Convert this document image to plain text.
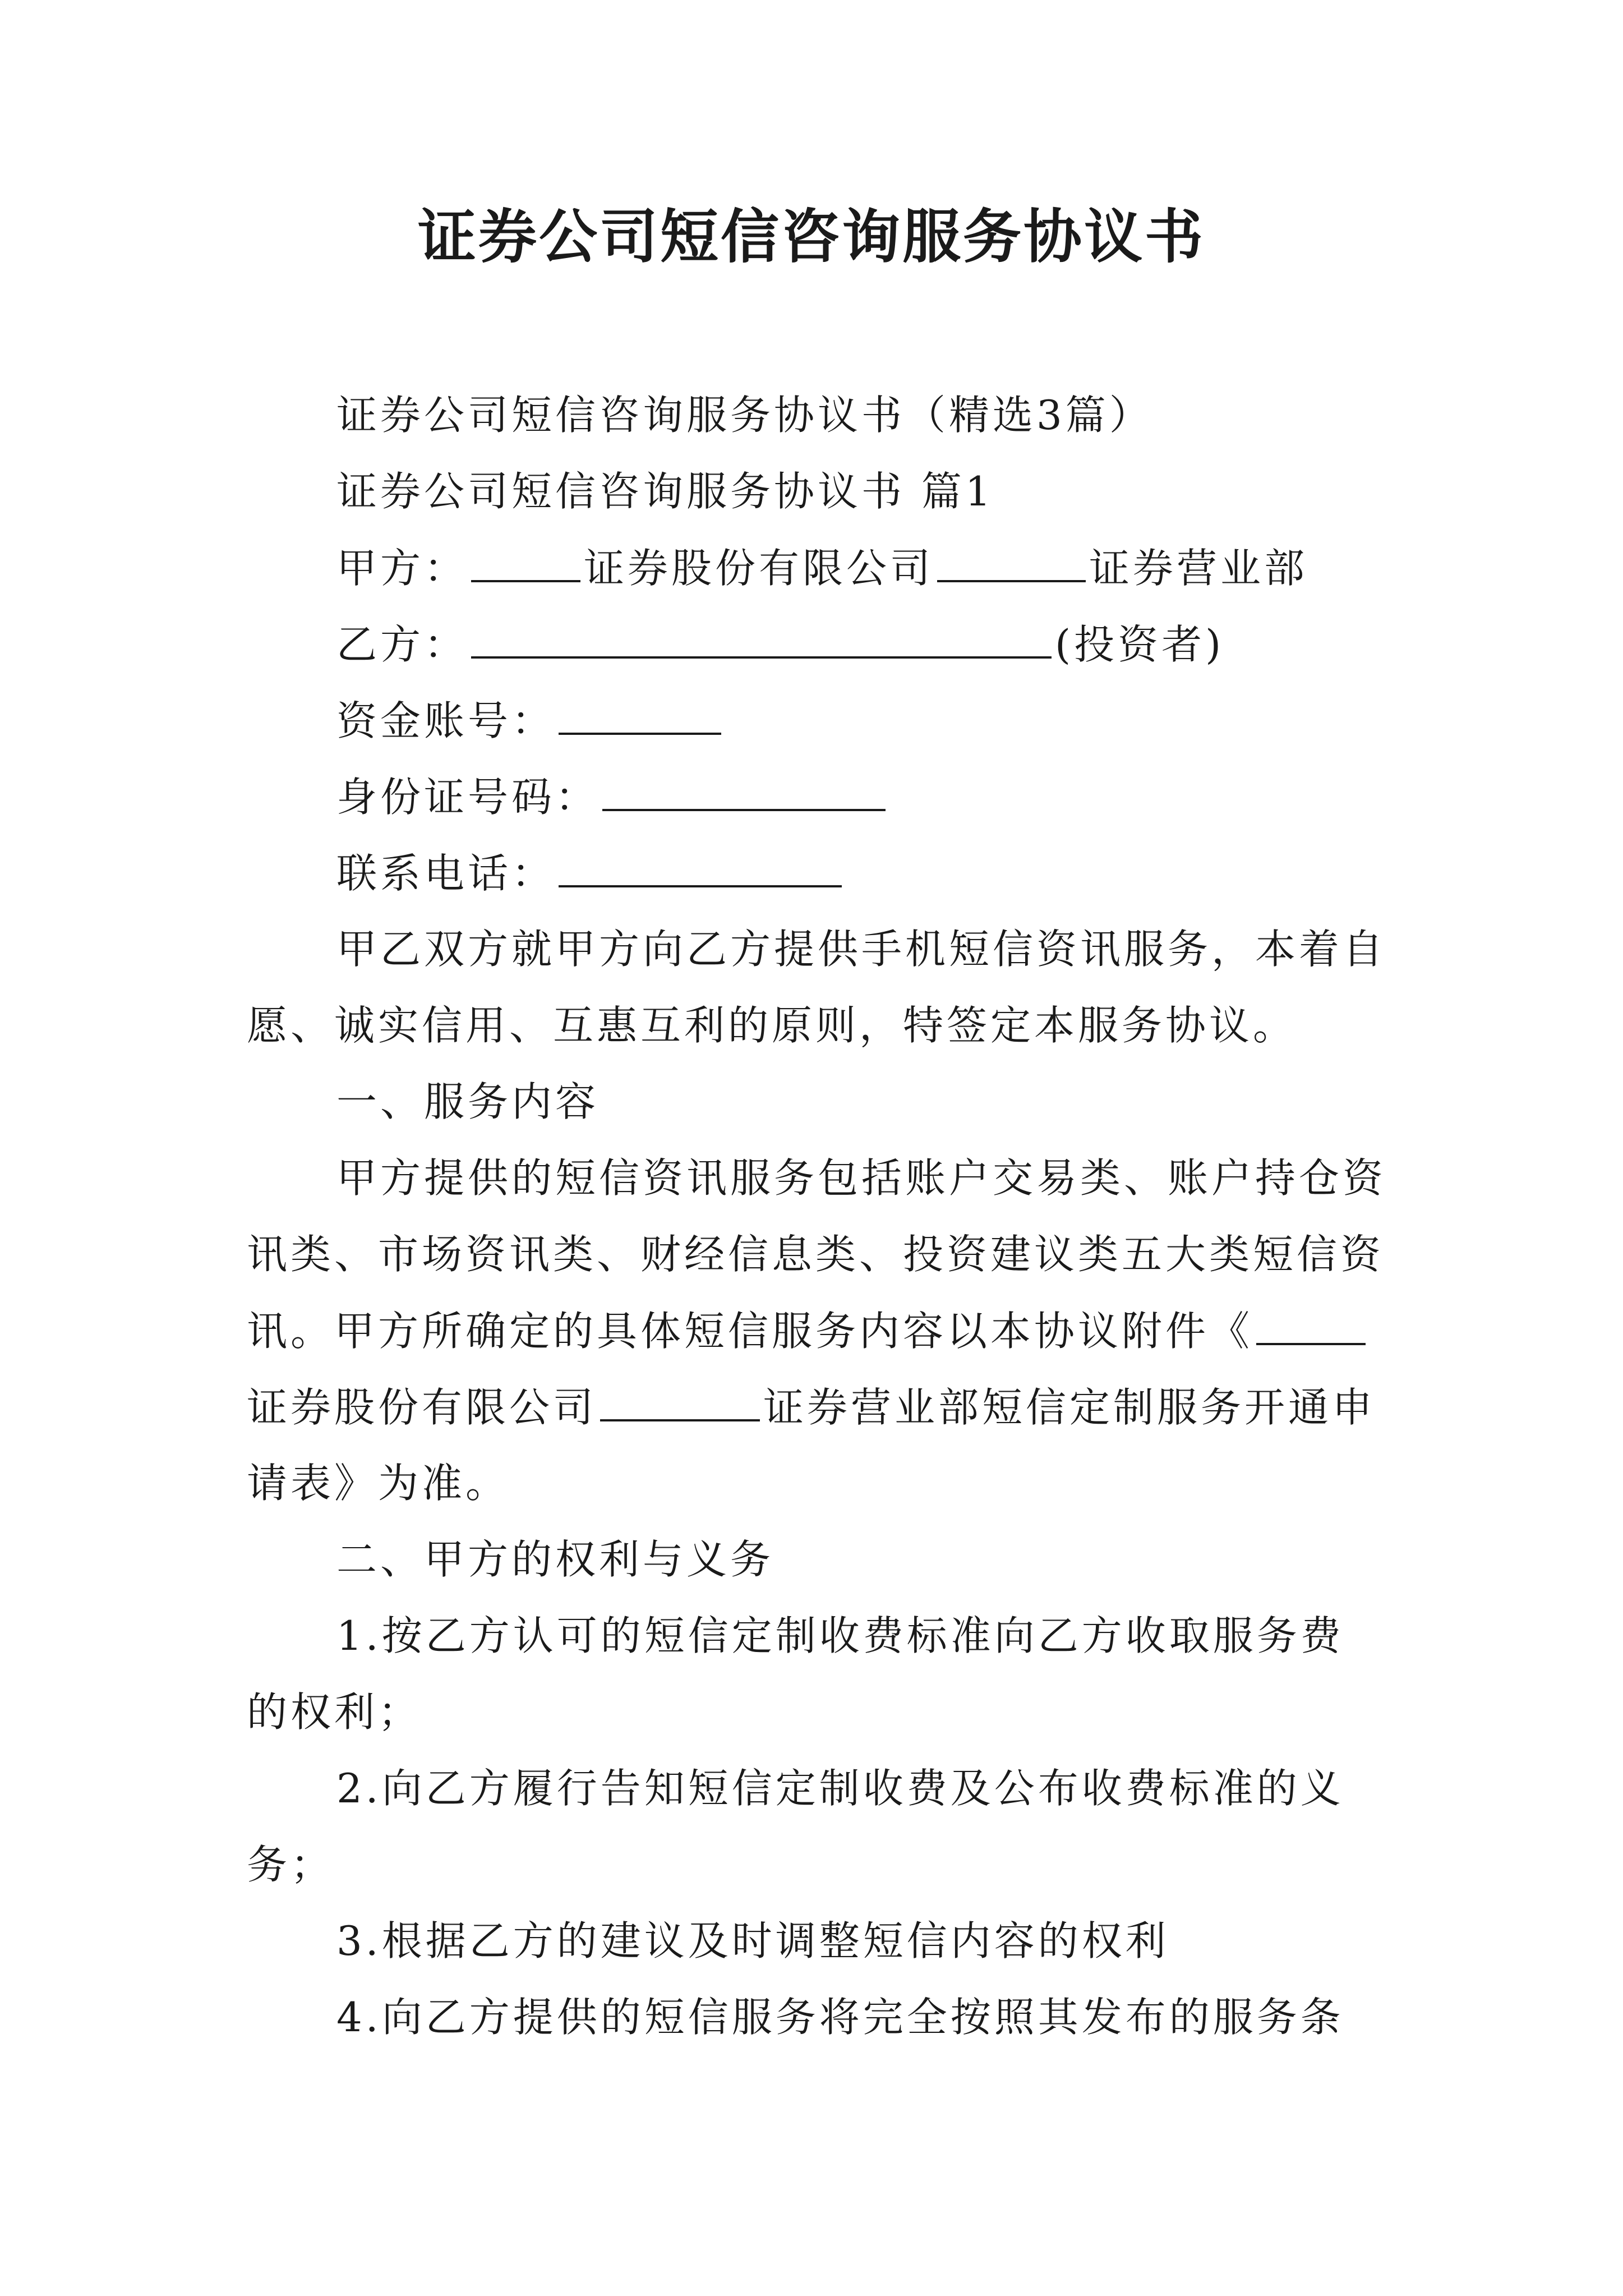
证券公司短信咨询服务协议书
证券公司短信咨询服务协议书（精选3篇）
证券公司短信咨询服务协议书 篇1
甲方：	证券股份有限公司	证券营业部
乙方：	(投资者)
资金账号：
身份证号码：
联系电话：
甲乙双方就甲方向乙方提供手机短信资讯服务，本着自
愿、诚实信用、互惠互利的原则，特签定本服务协议。
一、服务内容
甲方提供的短信资讯服务包括账户交易类、账户持仓资
讯类、市场资讯类、财经信息类、投资建议类五大类短信资
讯。甲方所确定的具体短信服务内容以本协议附件《
证券股份有限公司	证券营业部短信定制服务开通申
请表》为准。
二、甲方的权利与义务
1.按乙方认可的短信定制收费标准向乙方收取服务费
的权利；
2.向乙方履行告知短信定制收费及公布收费标准的义
务；
3.根据乙方的建议及时调整短信内容的权利
4.向乙方提供的短信服务将完全按照其发布的服务条
